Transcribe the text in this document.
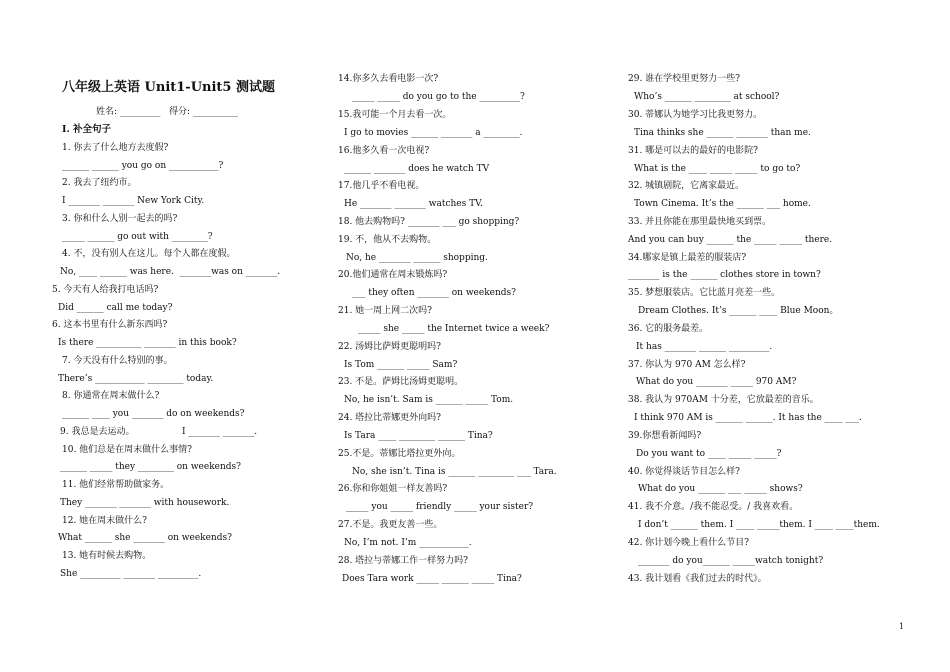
八年级上英语 Unit1-Unit5 测试题
姓名: _________   得分: __________
Ⅰ. 补全句子
1. 你去了什么地方去度假?
______ ______ you go on ___________?
2. 我去了纽约市。
I _______ _______ New York City.
3. 你和什么人别一起去的吗?
_____ ______ go out with ________?
4. 不，没有别人在这儿。每个人都在度假。
No, ____ ______ was here.  _______was on _______.
5. 今天有人给我打电话吗?
Did ______ call me today?
6. 这本书里有什么新东西吗?
Is there __________ _______ in this book?
7. 今天没有什么特别的事。
There’s ___________ ________ today.
8. 你通常在周末做什么?
______ ____ you _______ do on weekends?
9. 我总是去运动。	I _______ _______.
10. 他们总是在周末做什么事情?
______ _____ they ________ on weekends?
11. 他们经常帮助做家务。
They _______ _______ with housework.
12. 她在周末做什么?
What ______ she _______ on weekends?
13. 她有时候去购物。
She _________ _______ _________.
14.你多久去看电影一次?
_____ _____ do you go to the _________?
15.我可能一个月去看一次。
I go to movies ______ _______ a ________.
16.他多久看一次电视?
______ _______ does he watch TV
17.他几乎不看电视。
He _______ _______ watches TV.
18. 他去购物吗? _______ ___ go shopping?
19. 不，他从不去购物。
No, he _______ ______ shopping.
20.他们通常在周末锻炼吗?
___ they often _______ on weekends?
21. 她一周上网二次吗?
_____ she _____ the Internet twice a week?
22. 汤姆比萨姆更聪明吗?
Is Tom ______ _____ Sam?
23. 不是。萨姆比汤姆更聪明。
No, he isn’t. Sam is ______ _____ Tom.
24. 塔拉比蒂娜更外向吗?
Is Tara ____ ________ ______ Tina?
25.不是。蒂娜比塔拉更外向。
No, she isn’t. Tina is ______ ________ ___ Tara.
26.你和你姐姐一样友善吗?
_____ you _____ friendly _____ your sister?
27.不是。我更友善一些。
No, I’m not. I’m ___________.
28. 塔拉与蒂娜工作一样努力吗?
Does Tara work _____ ______ _____ Tina?
29. 谁在学校里更努力一些?
Who’s ______ ________ at school?
30. 蒂娜认为她学习比我更努力。
Tina thinks she ______ _______ than me.
31. 哪是可以去的最好的电影院?
What is the ____ _____ _____ to go to?
32. 城镇剧院，它离家最近。
Town Cinema. It’s the ______ ___ home.
33. 并且你能在那里最快地买到票。
And you can buy ______ the _____ _____ there.
34.哪家是镇上最差的服装店?
_______ is the ______ clothes store in town?
35. 梦想服装店。它比蓝月亮差一些。
Dream Clothes. It’s ______ ____ Blue Moon。
36. 它的服务最差。
It has _______ ______ _________.
37. 你认为 970 AM 怎么样?
What do you _______ _____ 970 AM?
38. 我认为 970AM 十分差，它放最差的音乐。
I think 970 AM is ______ ______. It has the ____ ___.
39.你想看新闻吗?
Do you want to ____ _____ _____?
40. 你觉得谈话节目怎么样?
What do you ______ ___ _____ shows?
41. 我不介意。/我不能忍受。/ 我喜欢看。
I don’t ______ them. I ____ _____them. I ____ ____them.
42. 你计划今晚上看什么节目?
_______ do you______ _____watch tonight?
43. 我计划看《我们过去的时代》。
1
